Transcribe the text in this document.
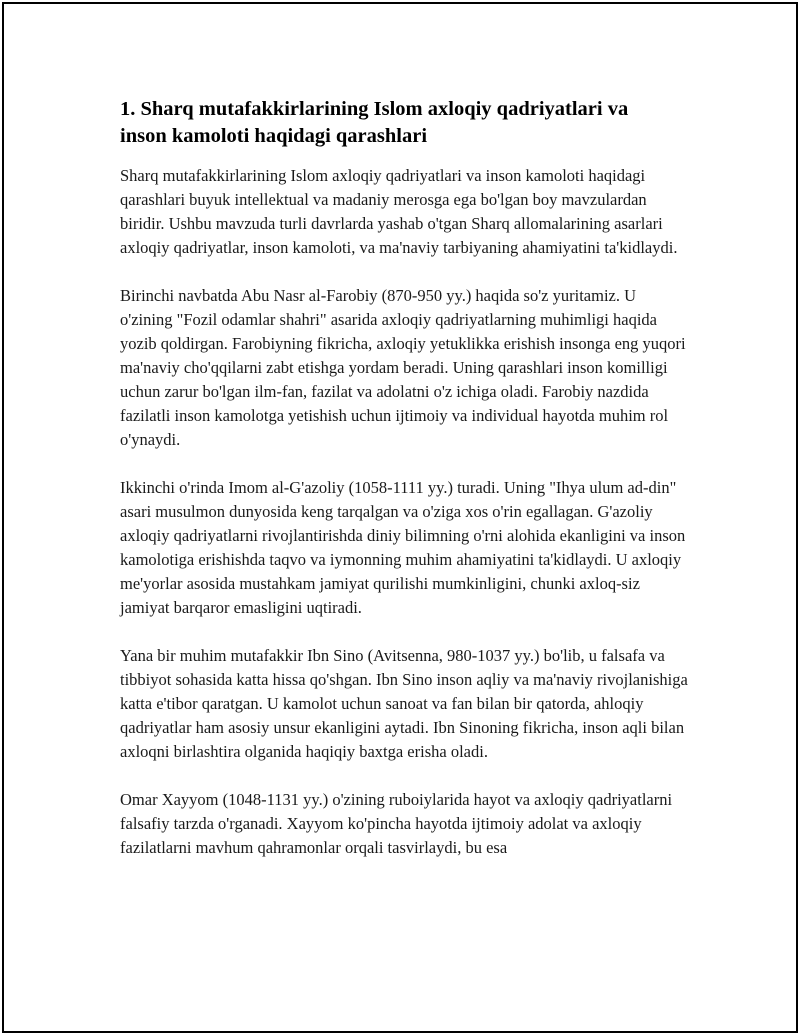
1. Sharq mutafakkirlarining Islom axloqiy qadriyatlari va
inson kamoloti haqidagi qarashlari

Sharq mutafakkirlarining Islom axloqiy qadriyatlari va inson kamoloti haqidagi qarashlari buyuk intellektual va madaniy merosga ega bo'lgan boy mavzulardan biridir. Ushbu mavzuda turli davrlarda yashab o'tgan Sharq allomalarining asarlari axloqiy qadriyatlar, inson kamoloti, va ma'naviy tarbiyaning ahamiyatini ta'kidlaydi.

Birinchi navbatda Abu Nasr al-Farobiy (870-950 yy.) haqida so'z yuritamiz. U o'zining "Fozil odamlar shahri" asarida axloqiy qadriyatlarning muhimligi haqida yozib qoldirgan. Farobiyning fikricha, axloqiy yetuklikka erishish insonga eng yuqori ma'naviy cho'qqilarni zabt etishga yordam beradi. Uning qarashlari inson komilligi uchun zarur bo'lgan ilm-fan, fazilat va adolatni o'z ichiga oladi. Farobiy nazdida fazilatli inson kamolotga yetishish uchun ijtimoiy va individual hayotda muhim rol o'ynaydi.

Ikkinchi o'rinda Imom al-G'azoliy (1058-1111 yy.) turadi. Uning "Ihya ulum ad-din" asari musulmon dunyosida keng tarqalgan va o'ziga xos o'rin egallagan. G'azoliy axloqiy qadriyatlarni rivojlantirishda diniy bilimning o'rni alohida ekanligini va inson kamolotiga erishishda taqvo va iymonning muhim ahamiyatini ta'kidlaydi. U axloqiy me'yorlar asosida mustahkam jamiyat qurilishi mumkinligini, chunki axloq-siz jamiyat barqaror emasligini uqtiradi.

Yana bir muhim mutafakkir Ibn Sino (Avitsenna, 980-1037 yy.) bo'lib, u falsafa va tibbiyot sohasida katta hissa qo'shgan. Ibn Sino inson aqliy va ma'naviy rivojlanishiga katta e'tibor qaratgan. U kamolot uchun sanoat va fan bilan bir qatorda, ahloqiy qadriyatlar ham asosiy unsur ekanligini aytadi. Ibn Sinoning fikricha, inson aqli bilan axloqni birlashtira olganida haqiqiy baxtga erisha oladi.

Omar Xayyom (1048-1131 yy.) o'zining ruboiylarida hayot va axloqiy qadriyatlarni falsafiy tarzda o'rganadi. Xayyom ko'pincha hayotda ijtimoiy adolat va axloqiy fazilatlarni mavhum qahramonlar orqali tasvirlaydi, bu esa
